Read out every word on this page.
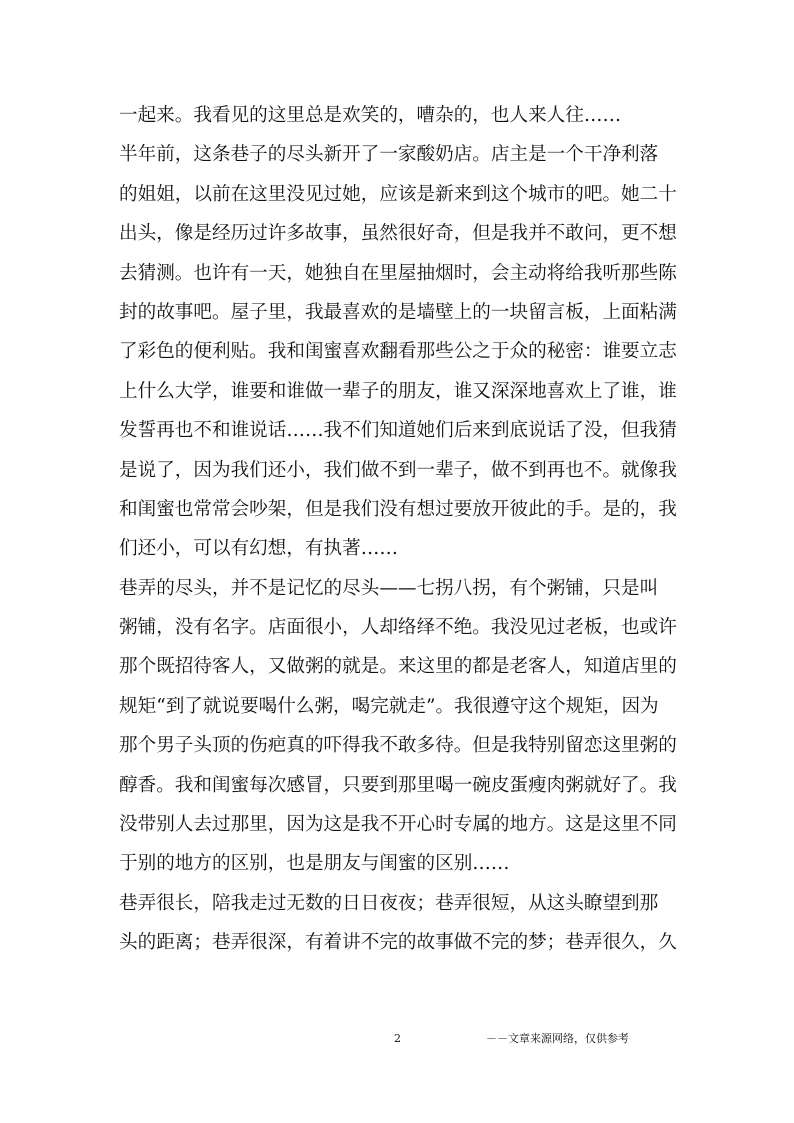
一起来。我看见的这里总是欢笑的，嘈杂的，也人来人往……
半年前，这条巷子的尽头新开了一家酸奶店。店主是一个干净利落
的姐姐，以前在这里没见过她，应该是新来到这个城市的吧。她二十
出头，像是经历过许多故事，虽然很好奇，但是我并不敢问，更不想
去猜测。也许有一天，她独自在里屋抽烟时，会主动将给我听那些陈
封的故事吧。屋子里，我最喜欢的是墙壁上的一块留言板，上面粘满
了彩色的便利贴。我和闺蜜喜欢翻看那些公之于众的秘密：谁要立志
上什么大学，谁要和谁做一辈子的朋友，谁又深深地喜欢上了谁，谁
发誓再也不和谁说话……我不们知道她们后来到底说话了没，但我猜
是说了，因为我们还小，我们做不到一辈子，做不到再也不。就像我
和闺蜜也常常会吵架，但是我们没有想过要放开彼此的手。是的，我
们还小，可以有幻想，有执著……
巷弄的尽头，并不是记忆的尽头——七拐八拐，有个粥铺，只是叫
粥铺，没有名字。店面很小，人却络绎不绝。我没见过老板，也或许
那个既招待客人，又做粥的就是。来这里的都是老客人，知道店里的
规矩“到了就说要喝什么粥，喝完就走”。我很遵守这个规矩，因为
那个男子头顶的伤疤真的吓得我不敢多待。但是我特别留恋这里粥的
醇香。我和闺蜜每次感冒，只要到那里喝一碗皮蛋瘦肉粥就好了。我
没带别人去过那里，因为这是我不开心时专属的地方。这是这里不同
于别的地方的区别，也是朋友与闺蜜的区别……
巷弄很长，陪我走过无数的日日夜夜；巷弄很短，从这头瞭望到那
头的距离；巷弄很深，有着讲不完的故事做不完的梦；巷弄很久，久
2	－－文章来源网络，仅供参考
